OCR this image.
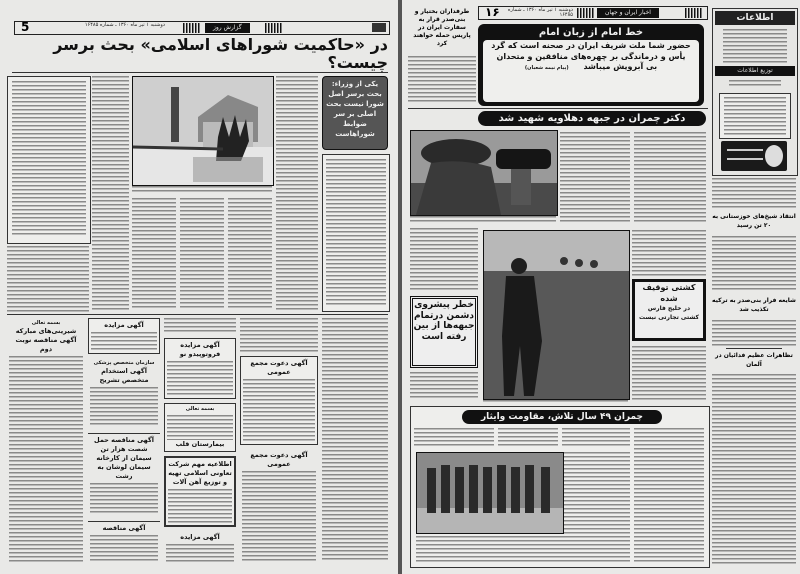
5	دوشنبه ۱ تیر ماه ۱۳۶۰ ـ شماره ۱۶۴۸۵	گزارش روز
در «حاکمیت شوراهای اسلامی» بحث برسر چیست؟
یکی از وزراء: بحث برسر اصل شورا نیست بحث اصلی بر سر ضوابط شوراهاست
بسمه تعالی
شیرینی‌های مبارکه
آگهی مناقصه نوبت دوم
آگهی مزایده
سازمان متخصص پزشکی
آگهی استخدام متخصص تشریح
آگهی مناقصه حمل شصت هزار تن سیمان از کارخانه سیمان لوشان به رشت
آگهی مناقصه
آگهی مزایده فروتوپیدو نو
بسمه تعالی
بیمارستان قلب
اطلاعیه مهم شرکت تعاونی اسلامی تهیه و توزیع آهن آلات
آگهی مزایده
آگهی دعوت مجمع عمومی
آگهی دعوت مجمع عمومی
طرفداران بختیار و بنی‌صدر قرار به سفارت ایران در پاریس حمله خواهند کرد
۱۶	دوشنبه ۱ تیر ماه ۱۳۶۰ ـ شماره ۱۶۴۸۵	اخبار ایران و جهان
خط امام از زبان امام
حضور شما ملت شریف ایران در صحنه است که گرد
یأس و درماندگی بر چهره‌های منافقین و متحدان
بی آبرویش میباشد (پیام نیمه شعبان)
دکتر چمران در جبهه دهلاویه شهید شد
خطر پیشروی دشمن درتمام جبهه‌ها از بین رفته است
کشتی توقیف شده
در خلیج فارس
کشتی تجارتی نیست
چمران ۴۹ سال تلاش، مقاومت وایثار
اطلاعات
توزیع اطلاعات
انتقاد شیخ‌های خوزستانی به ۲۰ تن رسید
شایعه فرار بنی‌صدر به ترکیه تکذیب شد
تظاهرات عظیم فدائیان در آلمان
